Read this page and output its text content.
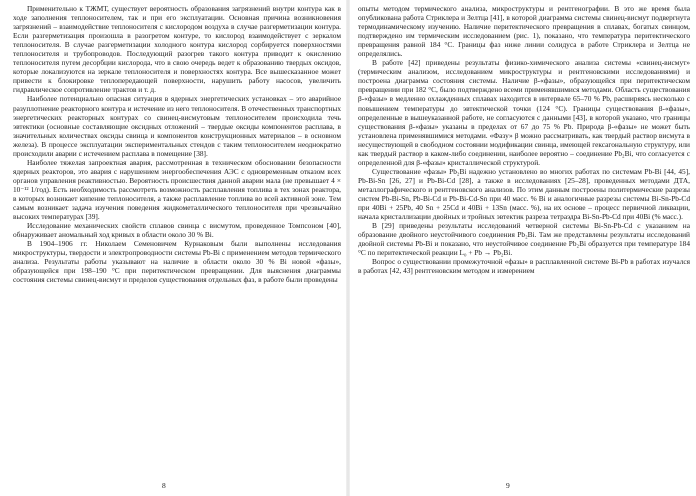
Применительно к ТЖМТ, существует вероятность образования загрязнений внутри контура как в ходе заполнения теплоносителем, так и при его эксплуатации. Основная причина возникновения загрязнений – взаимодействие теплоносителя с кислородом воздуха в случае разгерметизации контура. Если разгерметизация произошла в разогретом контуре, то кислород взаимодействует с зеркалом теплоносителя. В случае разгерметизации холодного контура кислород сорбируется поверхностями теплоносителя и трубопроводов. Последующий разогрев такого контура приводит к окислению теплоносителя путем десорбции кислорода, что в свою очередь ведет к образованию твердых оксидов, которые локализуются на зеркале теплоносителя и поверхностях контура. Все вышесказанное может привести к блокировке теплопередающей поверхности, нарушить работу насосов, увеличить гидравлическое сопротивление трактов и т. д.

Наиболее потенциально опасная ситуация в ядерных энергетических установках – это аварийное разуплотнение реакторного контура и истечение из него теплоносителя. В отечественных транспортных энергетических реакторных контурах со свинец-висмутовым теплоносителем происходила течь эвтектики (основные составляющие оксидных отложений – твердые оксиды компонентов расплава, в значительных количествах оксиды свинца и компонентов конструкционных материалов – в основном железа). В процессе эксплуатации экспериментальных стендов с таким теплоносителем неоднократно происходили аварии с истечением расплава в помещение [38].

Наиболее тяжелая запроектная авария, рассмотренная в техническом обосновании безопасности ядерных реакторов, это авария с нарушением энергообеспечения АЭС с одновременным отказом всех органов управления реактивностью. Вероятность происшествия данной аварии мала (не превышает 4 × 10⁻¹² 1/год). Есть необходимость рассмотреть возможность расплавления топлива в тех зонах реактора, в которых возникает кипение теплоносителя, а также расплавление топлива во всей активной зоне. Тем самым возникает задача изучения поведения жидкометаллического теплоносителя при чрезвычайно высоких температурах [39].

Исследование механических свойств сплавов свинца с висмутом, проведенное Томпсоном [40], обнаруживает аномальный ход кривых в области около 30 % Bi.

В 1904–1906 гг. Николаем Семеновичем Курнаковым были выполнены исследования микроструктуры, твердости и электропроводности системы Pb-Bi с применением методов термического анализа. Результаты работы указывают на наличие в области около 30 % Bi новой «фазы», образующейся при 198–190 °С при перитектическом превращении. Для выяснения диаграммы состояния системы свинец-висмут и пределов существования отдельных фаз, в работе были проведены

8

опыты методом термического анализа, микроструктуры и рентгенографии. В это же время была опубликована работа Стриклера и Зелтца [41], в которой диаграмма системы свинец-висмут подвергнута термодинамическому изучению. Наличие перитектического превращения в сплавах, богатых свинцом, подтверждено им термическим исследованием (рис. 1), показано, что температура перитектического превращения равной 184 °С. Границы фаз ниже линии солидуса в работе Стриклера и Зелтца не определялись.

В работе [42] приведены результаты физико-химического анализа системы «свинец-висмут» (термическим анализом, исследованием микроструктуры и рентгеновскими исследованиями) и построена диаграмма состояния системы. Наличие β-«фазы», образующейся при перитектическом превращении при 182 °С, было подтверждено всеми применявшимися методами. Область существования β-«фазы» в медленно охлажденных сплавах находится в интервале 65–70 % Pb, расширяясь несколько с повышением температуры до эвтектической точки (124 °С). Границы существования β-«фазы», определенные в вышеуказанной работе, не согласуются с данными [43], в которой указано, что границы существования β-«фазы» указаны в пределах от 67 до 75 % Pb. Природа β-«фазы» не может быть установлена применявшимися методами. «Фазу» β можно рассматривать, как твердый раствор висмута в несуществующей в свободном состоянии модификации свинца, имеющей гексагональную структуру, или как твердый раствор в каком-либо соединении, наиболее вероятно – соединение Pb₂Bi, что согласуется с определенной для β-«фазы» кристаллической структурой.

Существование «фазы» Pb₂Bi надежно установлено во многих работах по системам Pb-Bi [44, 45], Pb-Bi-Sn [26, 27] и Pb-Bi-Cd [28], а также в исследованиях [25–28], проведенных методами ДТА, металлографического и рентгеновского анализов. По этим данным построены политермические разрезы систем Pb-Bi-Sn, Pb-Bi-Cd и Pb-Bi-Cd-Sn при 40 масс. % Bi и аналогичные разрезы системы Bi-Sn-Pb-Cd при 40Bi + 25Pb, 40 Sn + 25Cd и 40Bi + 13Sn (масс. %), на их основе – процесс первичной ликвации, начала кристаллизации двойных и тройных эвтектик разреза тетраэдра Bi-Sn-Pb-Cd при 40Bi (% масс.).

В [29] приведены результаты исследований четверной системы Bi-Sn-Pb-Cd с указанием на образование двойного неустойчивого соединения Pb₂Bi. Там же представлены результаты исследований двойной системы Pb-Bi и показано, что неустойчивое соединение Pb₂Bi образуется при температуре 184 °С по перитектической реакции L₀ + Pb → Pb₂Bi.

Вопрос о существовании промежуточной «фазы» в расплавленной системе Bi-Pb в работах изучался в работах [42, 43] рентгеновским методом и измерением

9
